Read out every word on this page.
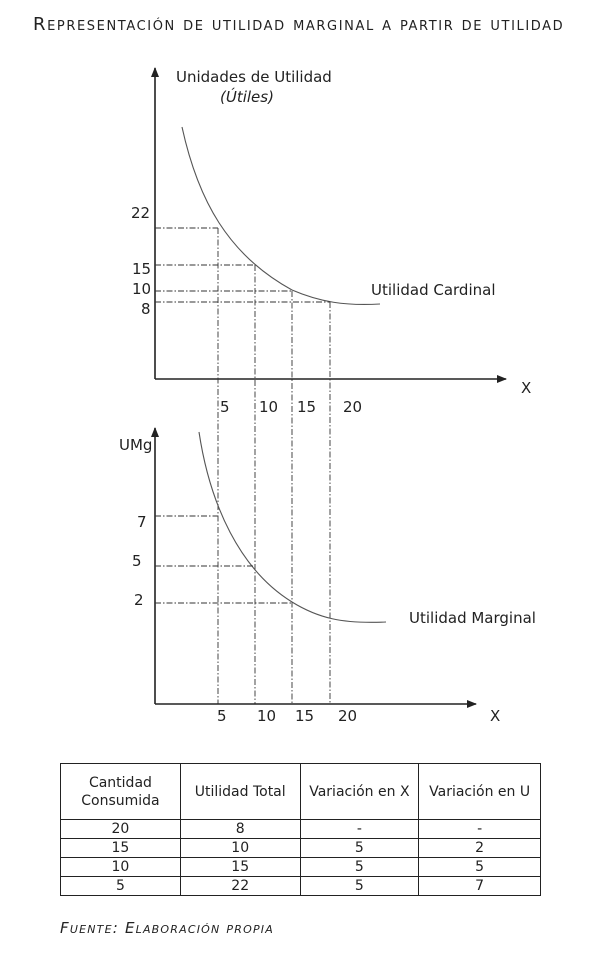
Representación de utilidad marginal a partir de utilidad
Unidades de Utilidad
(Útiles)
Utilidad Cardinal
22
15
10
8
5 10 15 20
X
UMg
Utilidad Marginal
7
5
2
5 10 15 20	X
Cantidad Consumida	Utilidad Total	Variación en X	Variación en U
20	8	-	-
15	10	5	2
10	15	5	5
5	22	5	7
Fuente: Elaboración propia
